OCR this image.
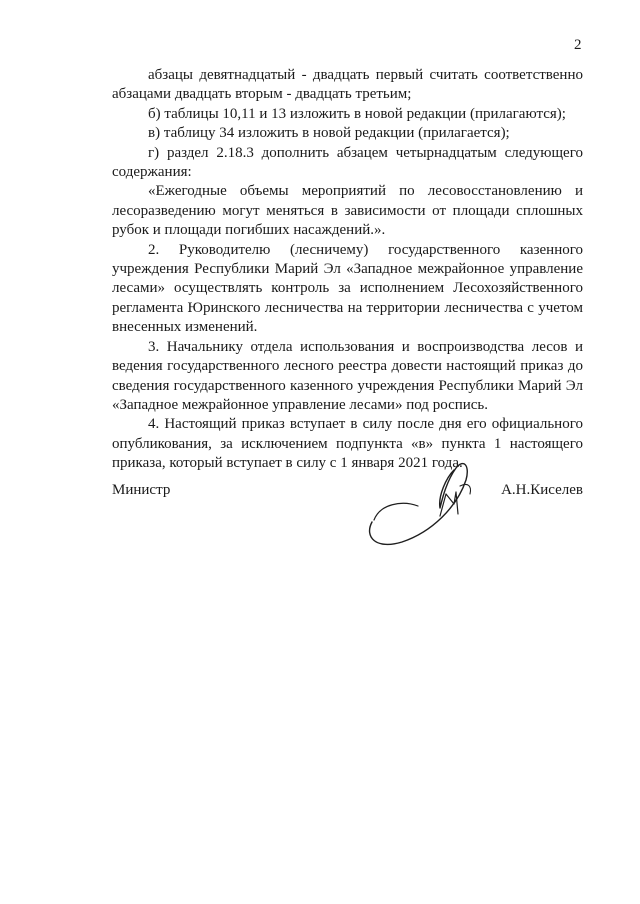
2

абзацы девятнадцатый - двадцать первый считать соответственно абзацами двадцать вторым - двадцать третьим;

б) таблицы 10,11 и 13 изложить в новой редакции (прилагаются);

в) таблицу 34 изложить в новой редакции (прилагается);

г) раздел 2.18.3 дополнить абзацем четырнадцатым следующего содержания:

«Ежегодные объемы мероприятий по лесовосстановлению и лесоразведению могут меняться в зависимости от площади сплошных рубок и площади погибших насаждений.».

2. Руководителю (лесничему) государственного казенного учреждения Республики Марий Эл «Западное межрайонное управление лесами» осуществлять контроль за исполнением Лесохозяйственного регламента Юринского лесничества на территории лесничества с учетом внесенных изменений.

3. Начальнику отдела использования и воспроизводства лесов и ведения государственного лесного реестра довести настоящий приказ до сведения государственного казенного учреждения Республики Марий Эл «Западное межрайонное управление лесами» под роспись.

4. Настоящий приказ вступает в силу после дня его официального опубликования, за исключением подпункта «в» пункта 1 настоящего приказа, который вступает в силу с 1 января 2021 года.

Министр	А.Н.Киселев
